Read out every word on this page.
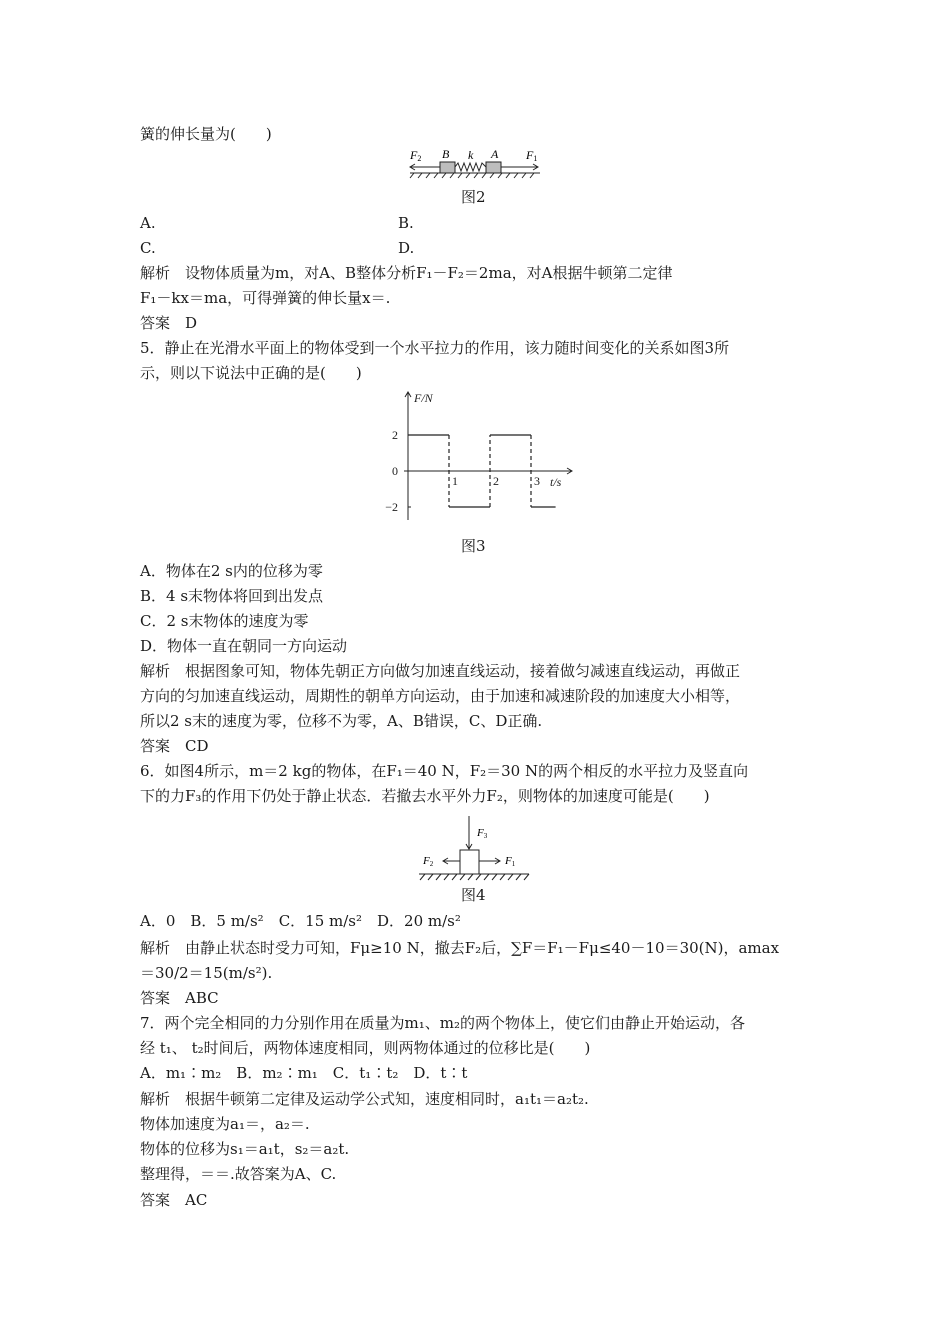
簧的伸长量为(　　)
F2 B k A F1
图2
A.	B.
C.	D.
解析　设物体质量为m，对A、B整体分析F₁－F₂＝2ma，对A根据牛顿第二定律
F₁－kx＝ma，可得弹簧的伸长量x＝.
答案　D
5．静止在光滑水平面上的物体受到一个水平拉力的作用，该力随时间变化的关系如图3所
示，则以下说法中正确的是(　　)
F/N
t/s
2
0
−2
1	2	3
图3
A．物体在2 s内的位移为零
B．4 s末物体将回到出发点
C．2 s末物体的速度为零
D．物体一直在朝同一方向运动
解析　根据图象可知，物体先朝正方向做匀加速直线运动，接着做匀减速直线运动，再做正
方向的匀加速直线运动，周期性的朝单方向运动，由于加速和减速阶段的加速度大小相等，
所以2 s末的速度为零，位移不为零，A、B错误，C、D正确.
答案　CD
6．如图4所示，m＝2 kg的物体，在F₁＝40 N，F₂＝30 N的两个相反的水平拉力及竖直向
下的力F₃的作用下仍处于静止状态．若撤去水平外力F₂，则物体的加速度可能是(　　)
F3
F2	F1
图4
A．0　B．5 m/s²　C．15 m/s²　D．20 m/s²
解析　由静止状态时受力可知，Fμ≥10 N，撤去F₂后，∑F＝F₁－Fμ≤40－10＝30(N)，amax
＝30/2＝15(m/s²).
答案　ABC
7．两个完全相同的力分别作用在质量为m₁、m₂的两个物体上，使它们由静止开始运动，各
经 t₁、 t₂时间后，两物体速度相同，则两物体通过的位移比是(　　)
A．m₁∶m₂　B．m₂∶m₁　C．t₁∶t₂　D．t∶t
解析　根据牛顿第二定律及运动学公式知，速度相同时，a₁t₁＝a₂t₂.
物体加速度为a₁＝，a₂＝.
物体的位移为s₁＝a₁t，s₂＝a₂t.
整理得，＝＝.故答案为A、C.
答案　AC
